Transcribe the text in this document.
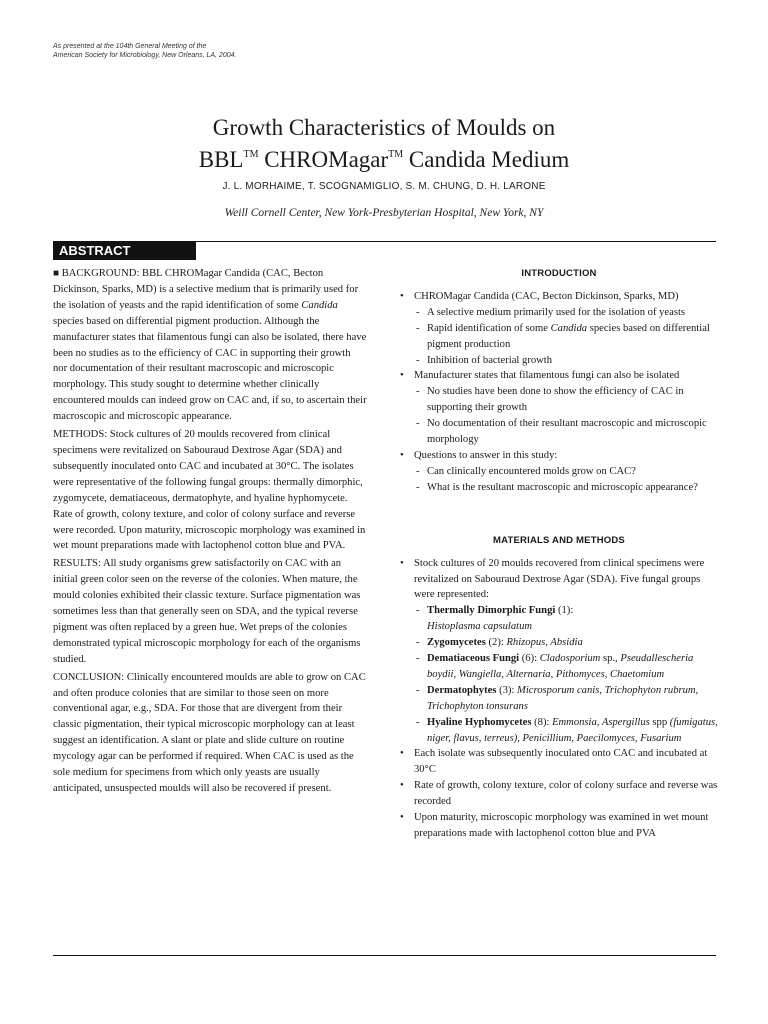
As presented at the 104th General Meeting of the
American Society for Microbiology, New Orleans, LA, 2004.
Growth Characteristics of Moulds on
BBL™ CHROMagar™ Candida Medium
J. L. MORHAIME, T. SCOGNAMIGLIO, S. M. CHUNG, D. H. LARONE
Weill Cornell Center, New York-Presbyterian Hospital, New York, NY
ABSTRACT

■ BACKGROUND: BBL CHROMagar Candida (CAC, Becton Dickinson, Sparks, MD) is a selective medium that is primarily used for the isolation of yeasts and the rapid identification of some Candida species based on differential pigment production. Although the manufacturer states that filamentous fungi can also be isolated, there have been no studies as to the efficiency of CAC in supporting their growth nor documentation of their resultant macroscopic and microscopic morphology. This study sought to determine whether clinically encountered moulds can indeed grow on CAC and, if so, to ascertain their macroscopic and microscopic appearance.

METHODS: Stock cultures of 20 moulds recovered from clinical specimens were revitalized on Sabouraud Dextrose Agar (SDA) and subsequently inoculated onto CAC and incubated at 30°C. The isolates were representative of the following fungal groups: thermally dimorphic, zygomycete, dematiaceous, dermatophyte, and hyaline hyphomycete. Rate of growth, colony texture, and color of colony surface and reverse were recorded. Upon maturity, microscopic morphology was examined in wet mount preparations made with lactophenol cotton blue and PVA.

RESULTS: All study organisms grew satisfactorily on CAC with an initial green color seen on the reverse of the colonies. When mature, the mould colonies exhibited their classic texture. Surface pigmentation was sometimes less than that generally seen on SDA, and the typical reverse pigment was often replaced by a green hue. Wet preps of the colonies demonstrated typical microscopic morphology for each of the organisms studied.

CONCLUSION: Clinically encountered moulds are able to grow on CAC and often produce colonies that are similar to those seen on more conventional agar, e.g., SDA. For those that are divergent from their classic pigmentation, their typical microscopic morphology can at least suggest an identification. A slant or plate and slide culture on routine mycology agar can be performed if required. When CAC is used as the sole medium for specimens from which only yeasts are usually anticipated, unsuspected moulds will also be recovered if present.

INTRODUCTION
• CHROMagar Candida (CAC, Becton Dickinson, Sparks, MD)
- A selective medium primarily used for the isolation of yeasts
- Rapid identification of some Candida species based on differential pigment production
- Inhibition of bacterial growth
• Manufacturer states that filamentous fungi can also be isolated
- No studies have been done to show the efficiency of CAC in supporting their growth
- No documentation of their resultant macroscopic and microscopic morphology
• Questions to answer in this study:
- Can clinically encountered molds grow on CAC?
- What is the resultant macroscopic and microscopic appearance?
MATERIALS AND METHODS
• Stock cultures of 20 moulds recovered from clinical specimens were revitalized on Sabouraud Dextrose Agar (SDA). Five fungal groups were represented:
- Thermally Dimorphic Fungi (1):
Histoplasma capsulatum
- Zygomycetes (2): Rhizopus, Absidia
- Dematiaceous Fungi (6): Cladosporium sp., Pseudallescheria boydii, Wangiella, Alternaria, Pithomyces, Chaetomium
- Dermatophytes (3): Microsporum canis, Trichophyton rubrum, Trichophyton tonsurans
- Hyaline Hyphomycetes (8): Emmonsia, Aspergillus spp (fumigatus, niger, flavus, terreus), Penicillium, Paecilomyces, Fusarium
• Each isolate was subsequently inoculated onto CAC and incubated at 30°C
• Rate of growth, colony texture, color of colony surface and reverse was recorded
• Upon maturity, microscopic morphology was examined in wet mount preparations made with lactophenol cotton blue and PVA
